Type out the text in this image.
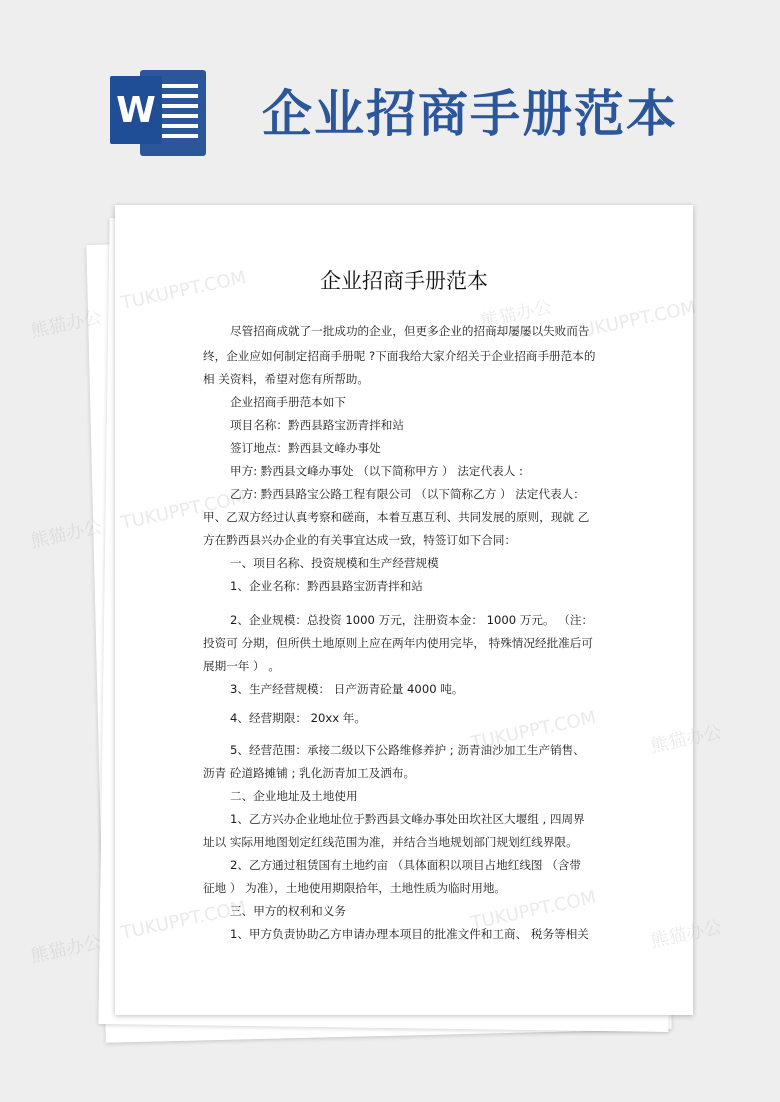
W 企业招商手册范本
企业招商手册范本
尽管招商成就了一批成功的企业，但更多企业的招商却屡屡以失败而告
终，企业应如何制定招商手册呢 ?下面我给大家介绍关于企业招商手册范本的
相 关资料，希望对您有所帮助。
企业招商手册范本如下
项目名称：黔西县路宝沥青拌和站
签订地点：黔西县文峰办事处
甲方: 黔西县文峰办事处 （以下简称甲方 ） 法定代表人 :
乙方: 黔西县路宝公路工程有限公司 （以下简称乙方 ） 法定代表人：
甲、乙双方经过认真考察和磋商，本着互惠互利、共同发展的原则，现就 乙
方在黔西县兴办企业的有关事宜达成一致，特签订如下合同：
一、项目名称、投资规模和生产经营规模
1、企业名称：黔西县路宝沥青拌和站
2、企业规模：总投资 1000 万元，注册资本金： 1000 万元。 （注：
投资可 分期，但所供土地原则上应在两年内使用完毕， 特殊情况经批准后可
展期一年 ） 。
3、生产经营规模： 日产沥青砼量 4000 吨。
4、经营期限： 20xx 年。
5、经营范围：承接二级以下公路维修养护 ; 沥青油沙加工生产销售、
沥青 砼道路摊铺 ; 乳化沥青加工及洒布。
二、企业地址及土地使用
1、乙方兴办企业地址位于黔西县文峰办事处田坎社区大堰组 , 四周界
址以 实际用地图划定红线范围为准，并结合当地规划部门规划红线界限。
2、乙方通过租赁国有土地约亩 （具体面积以项目占地红线图 （含带
征地 ） 为准），土地使用期限拾年，土地性质为临时用地。
三、甲方的权利和义务
1、甲方负责协助乙方申请办理本项目的批准文件和工商、 税务等相关
熊猫办公
熊猫办公
熊猫办公
